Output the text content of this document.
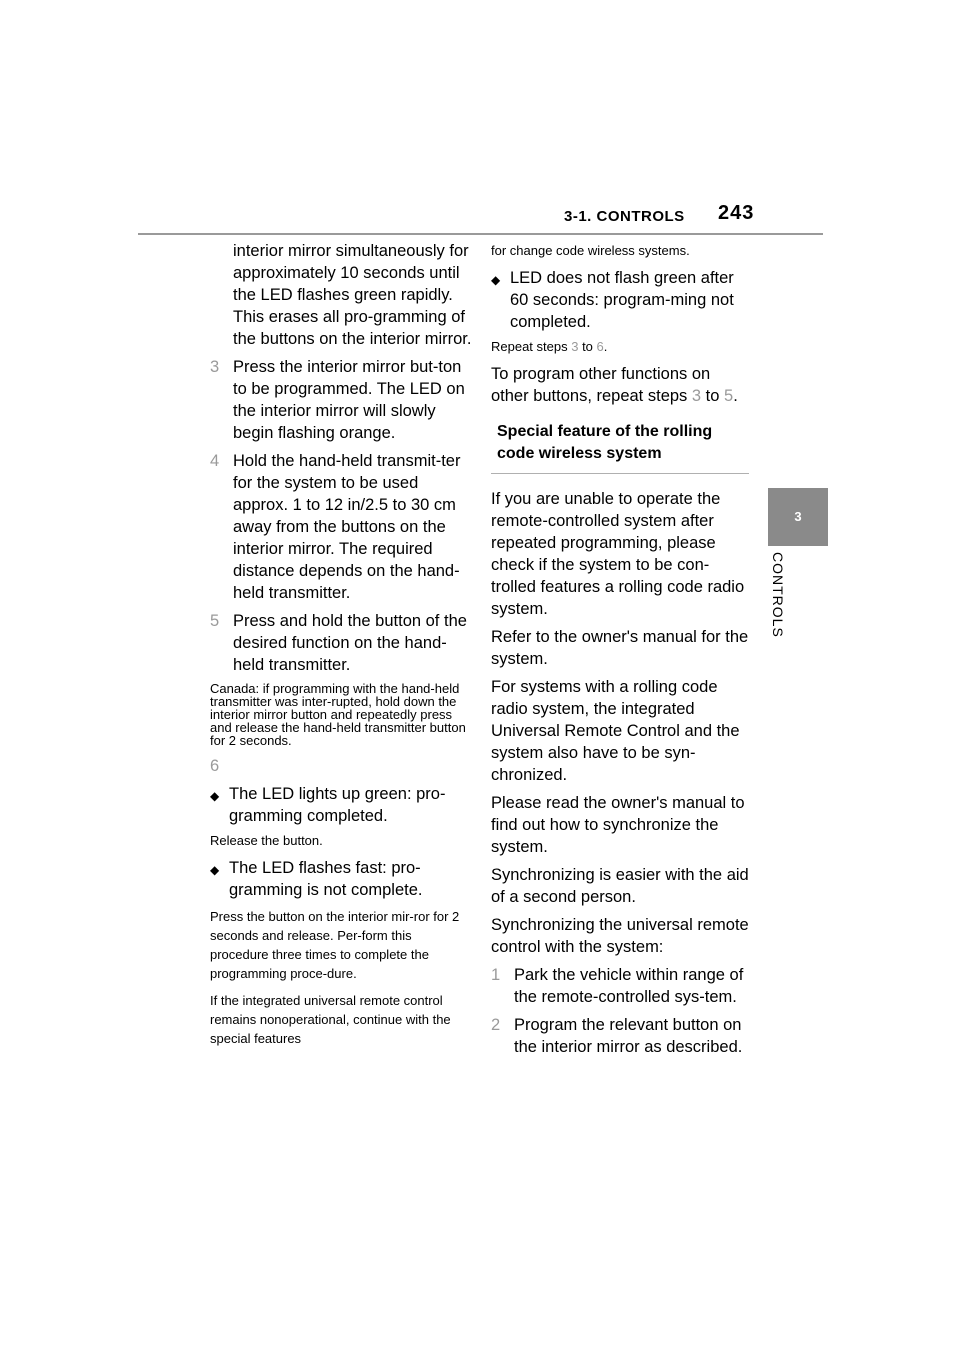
3-1. CONTROLS 243
3
CONTROLS

interior mirror simultaneously for approximately 10 seconds until the LED flashes green rapidly. This erases all pro-gramming of the buttons on the interior mirror.

3 Press the interior mirror but-ton to be programmed. The LED on the interior mirror will slowly begin flashing orange.
4 Hold the hand-held transmit-ter for the system to be used approx. 1 to 12 in/2.5 to 30 cm away from the buttons on the interior mirror. The required distance depends on the hand-held transmitter.
5 Press and hold the button of the desired function on the hand-held transmitter.

Canada: if programming with the hand-held transmitter was inter-rupted, hold down the interior mirror button and repeatedly press and release the hand-held transmitter button for 2 seconds.

6
◆ The LED lights up green: pro-gramming completed.

Release the button.

◆ The LED flashes fast: pro-gramming is not complete.

Press the button on the interior mir-ror for 2 seconds and release. Per-form this procedure three times to complete the programming proce-dure.

If the integrated universal remote control remains nonoperational, continue with the special features

for change code wireless systems.

◆ LED does not flash green after 60 seconds: program-ming not completed.

Repeat steps 3 to 6.

To program other functions on other buttons, repeat steps 3 to 5.

Special feature of the rolling code wireless system

If you are unable to operate the remote-controlled system after repeated programming, please check if the system to be con-trolled features a rolling code radio system.

Refer to the owner's manual for the system.

For systems with a rolling code radio system, the integrated Universal Remote Control and the system also have to be syn-chronized.

Please read the owner's manual to find out how to synchronize the system.

Synchronizing is easier with the aid of a second person.

Synchronizing the universal remote control with the system:

1 Park the vehicle within range of the remote-controlled sys-tem.
2 Program the relevant button on the interior mirror as described.
